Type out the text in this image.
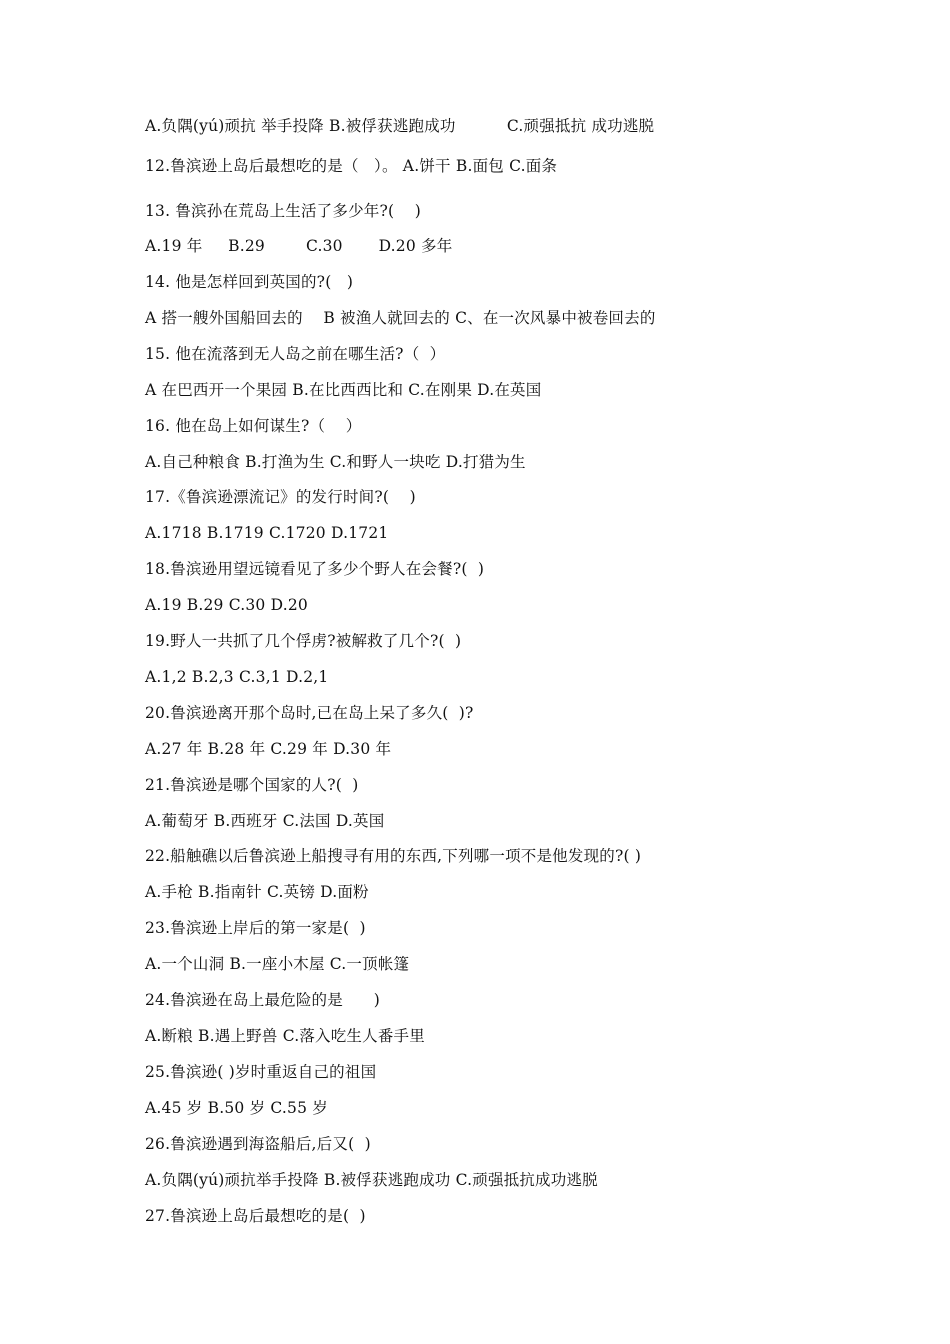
A.负隅(yú)顽抗 举手投降 B.被俘获逃跑成功          C.顽强抵抗 成功逃脱
12.鲁滨逊上岛后最想吃的是（   ）。 A.饼干 B.面包 C.面条
13. 鲁滨孙在荒岛上生活了多少年?(    )
A.19 年     B.29        C.30       D.20 多年
14. 他是怎样回到英国的?(   )
A 搭一艘外国船回去的    B 被渔人就回去的 C、在一次风暴中被卷回去的
15. 他在流落到无人岛之前在哪生活?（  ）
A 在巴西开一个果园 B.在比西西比和 C.在刚果 D.在英国
16. 他在岛上如何谋生?（    ）
A.自己种粮食 B.打渔为生 C.和野人一块吃 D.打猎为生
17.《鲁滨逊漂流记》的发行时间?(    )
A.1718 B.1719 C.1720 D.1721
18.鲁滨逊用望远镜看见了多少个野人在会餐?(  )
A.19 B.29 C.30 D.20
19.野人一共抓了几个俘虏?被解救了几个?(  )
A.1,2 B.2,3 C.3,1 D.2,1
20.鲁滨逊离开那个岛时,已在岛上呆了多久(  )?
A.27 年 B.28 年 C.29 年 D.30 年
21.鲁滨逊是哪个国家的人?(  )
A.葡萄牙 B.西班牙 C.法国 D.英国
22.船触礁以后鲁滨逊上船搜寻有用的东西,下列哪一项不是他发现的?( )
A.手枪 B.指南针 C.英镑 D.面粉
23.鲁滨逊上岸后的第一家是(  )
A.一个山洞 B.一座小木屋 C.一顶帐篷
24.鲁滨逊在岛上最危险的是      )
A.断粮 B.遇上野兽 C.落入吃生人番手里
25.鲁滨逊( )岁时重返自己的祖国
A.45 岁 B.50 岁 C.55 岁
26.鲁滨逊遇到海盗船后,后又(  )
A.负隅(yú)顽抗举手投降 B.被俘获逃跑成功 C.顽强抵抗成功逃脱
27.鲁滨逊上岛后最想吃的是(  )
